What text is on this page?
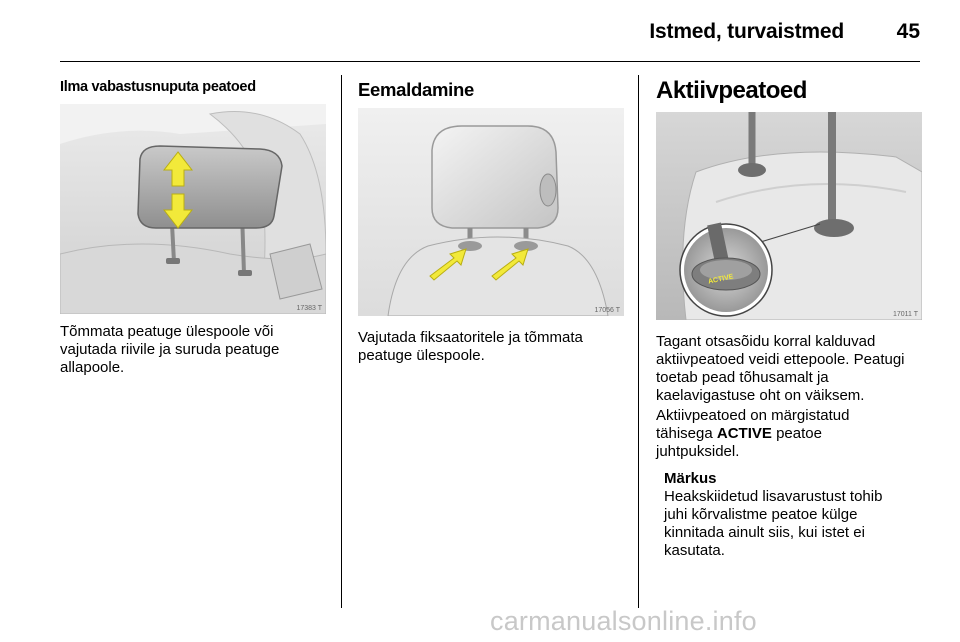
Istmed, turvaistmed	45
Ilma vabastusnuputa peatoed
17383 T
Tõmmata peatuge ülespoole või
vajutada riivile ja suruda peatuge
allapoole.
Eemaldamine
17056 T
Vajutada fiksaatoritele ja tõmmata
peatuge ülespoole.
Aktiivpeatoed
ACTIVE
17011 T
Tagant otsasõidu korral kalduvad
aktiivpeatoed veidi ettepoole. Peatugi
toetab pead tõhusamalt ja
kaelavigastuse oht on väiksem.
Aktiivpeatoed on märgistatud
tähisega ACTIVE peatoe
juhtpuksidel.
Märkus
Heakskiidetud lisavarustust tohib
juhi kõrvalistme peatoe külge
kinnitada ainult siis, kui istet ei
kasutata.
carmanualsonline.info
